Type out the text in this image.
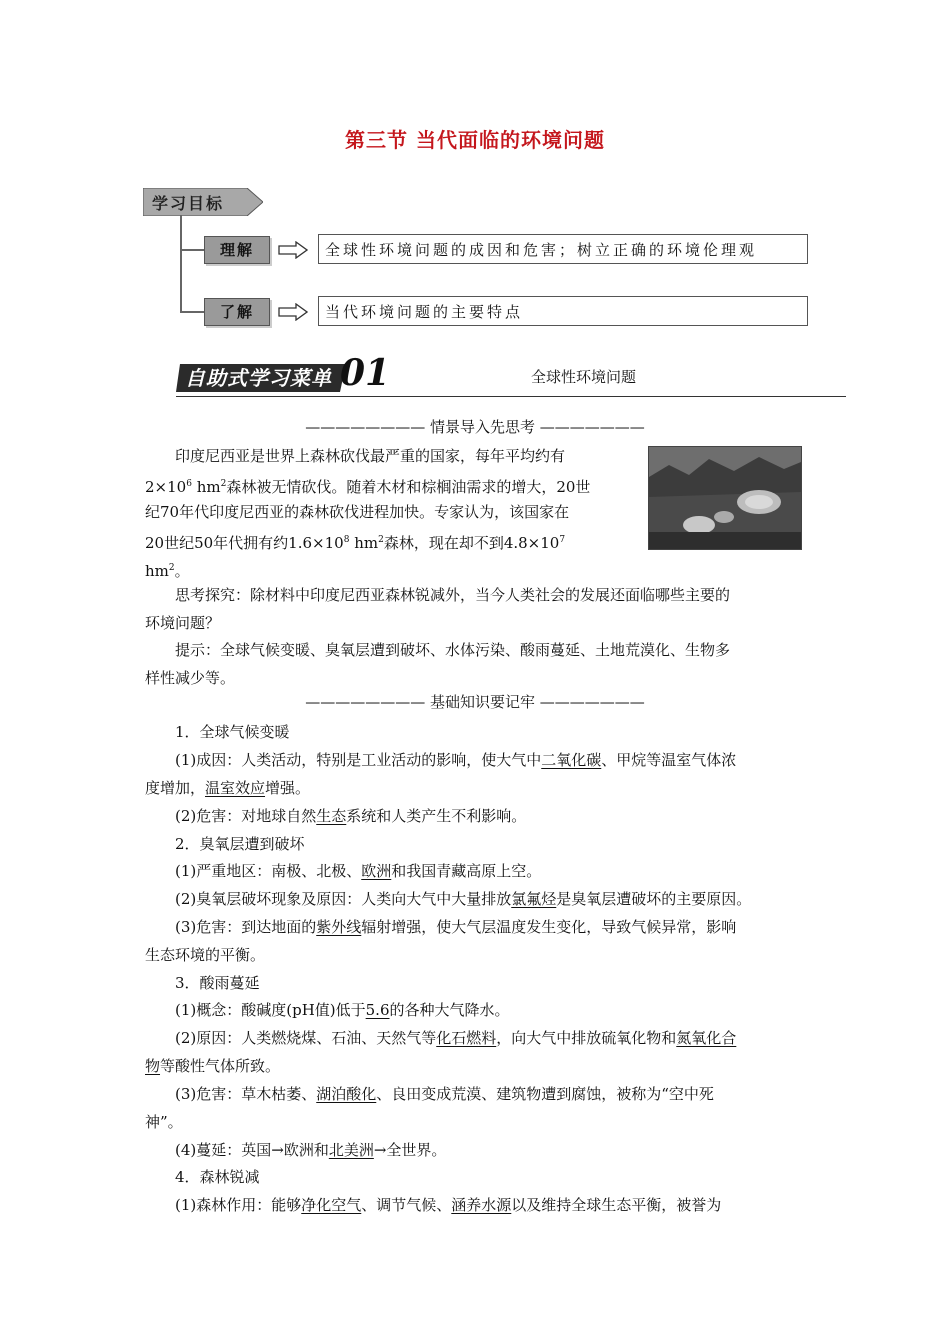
第三节 当代面临的环境问题
学习目标
理解	全球性环境问题的成因和危害；树立正确的环境伦理观
了解	当代环境问题的主要特点
自助式学习菜单 01	全球性环境问题
———————— 情景导入先思考 ———————
印度尼西亚是世界上森林砍伐最严重的国家，每年平均约有
$2\times 10^6$ $hm^2$森林被无情砍伐。随着木材和棕榈油需求的增大，20世
纪70年代印度尼西亚的森林砍伐进程加快。专家认为，该国家在
20世纪50年代拥有约$1.6\times 10^8$ $hm^2$森林，现在却不到$4.8\times 10^7$
$hm^2$。
思考探究：除材料中印度尼西亚森林锐减外，当今人类社会的发展还面临哪些主要的
环境问题？
提示：全球气候变暖、臭氧层遭到破坏、水体污染、酸雨蔓延、土地荒漠化、生物多
样性减少等。
———————— 基础知识要记牢 ———————
1．全球气候变暖
(1)成因：人类活动，特别是工业活动的影响，使大气中二氧化碳、甲烷等温室气体浓
度增加，温室效应增强。
(2)危害：对地球自然生态系统和人类产生不利影响。
2．臭氧层遭到破坏
(1)严重地区：南极、北极、欧洲和我国青藏高原上空。
(2)臭氧层破坏现象及原因：人类向大气中大量排放氯氟烃是臭氧层遭破坏的主要原因。
(3)危害：到达地面的紫外线辐射增强，使大气层温度发生变化，导致气候异常，影响
生态环境的平衡。
3．酸雨蔓延
(1)概念：酸碱度(pH值)低于5.6的各种大气降水。
(2)原因：人类燃烧煤、石油、天然气等化石燃料，向大气中排放硫氧化物和氮氧化合
物等酸性气体所致。
(3)危害：草木枯萎、湖泊酸化、良田变成荒漠、建筑物遭到腐蚀，被称为“空中死
神”。
(4)蔓延：英国→欧洲和北美洲→全世界。
4．森林锐减
(1)森林作用：能够净化空气、调节气候、涵养水源以及维持全球生态平衡，被誉为
